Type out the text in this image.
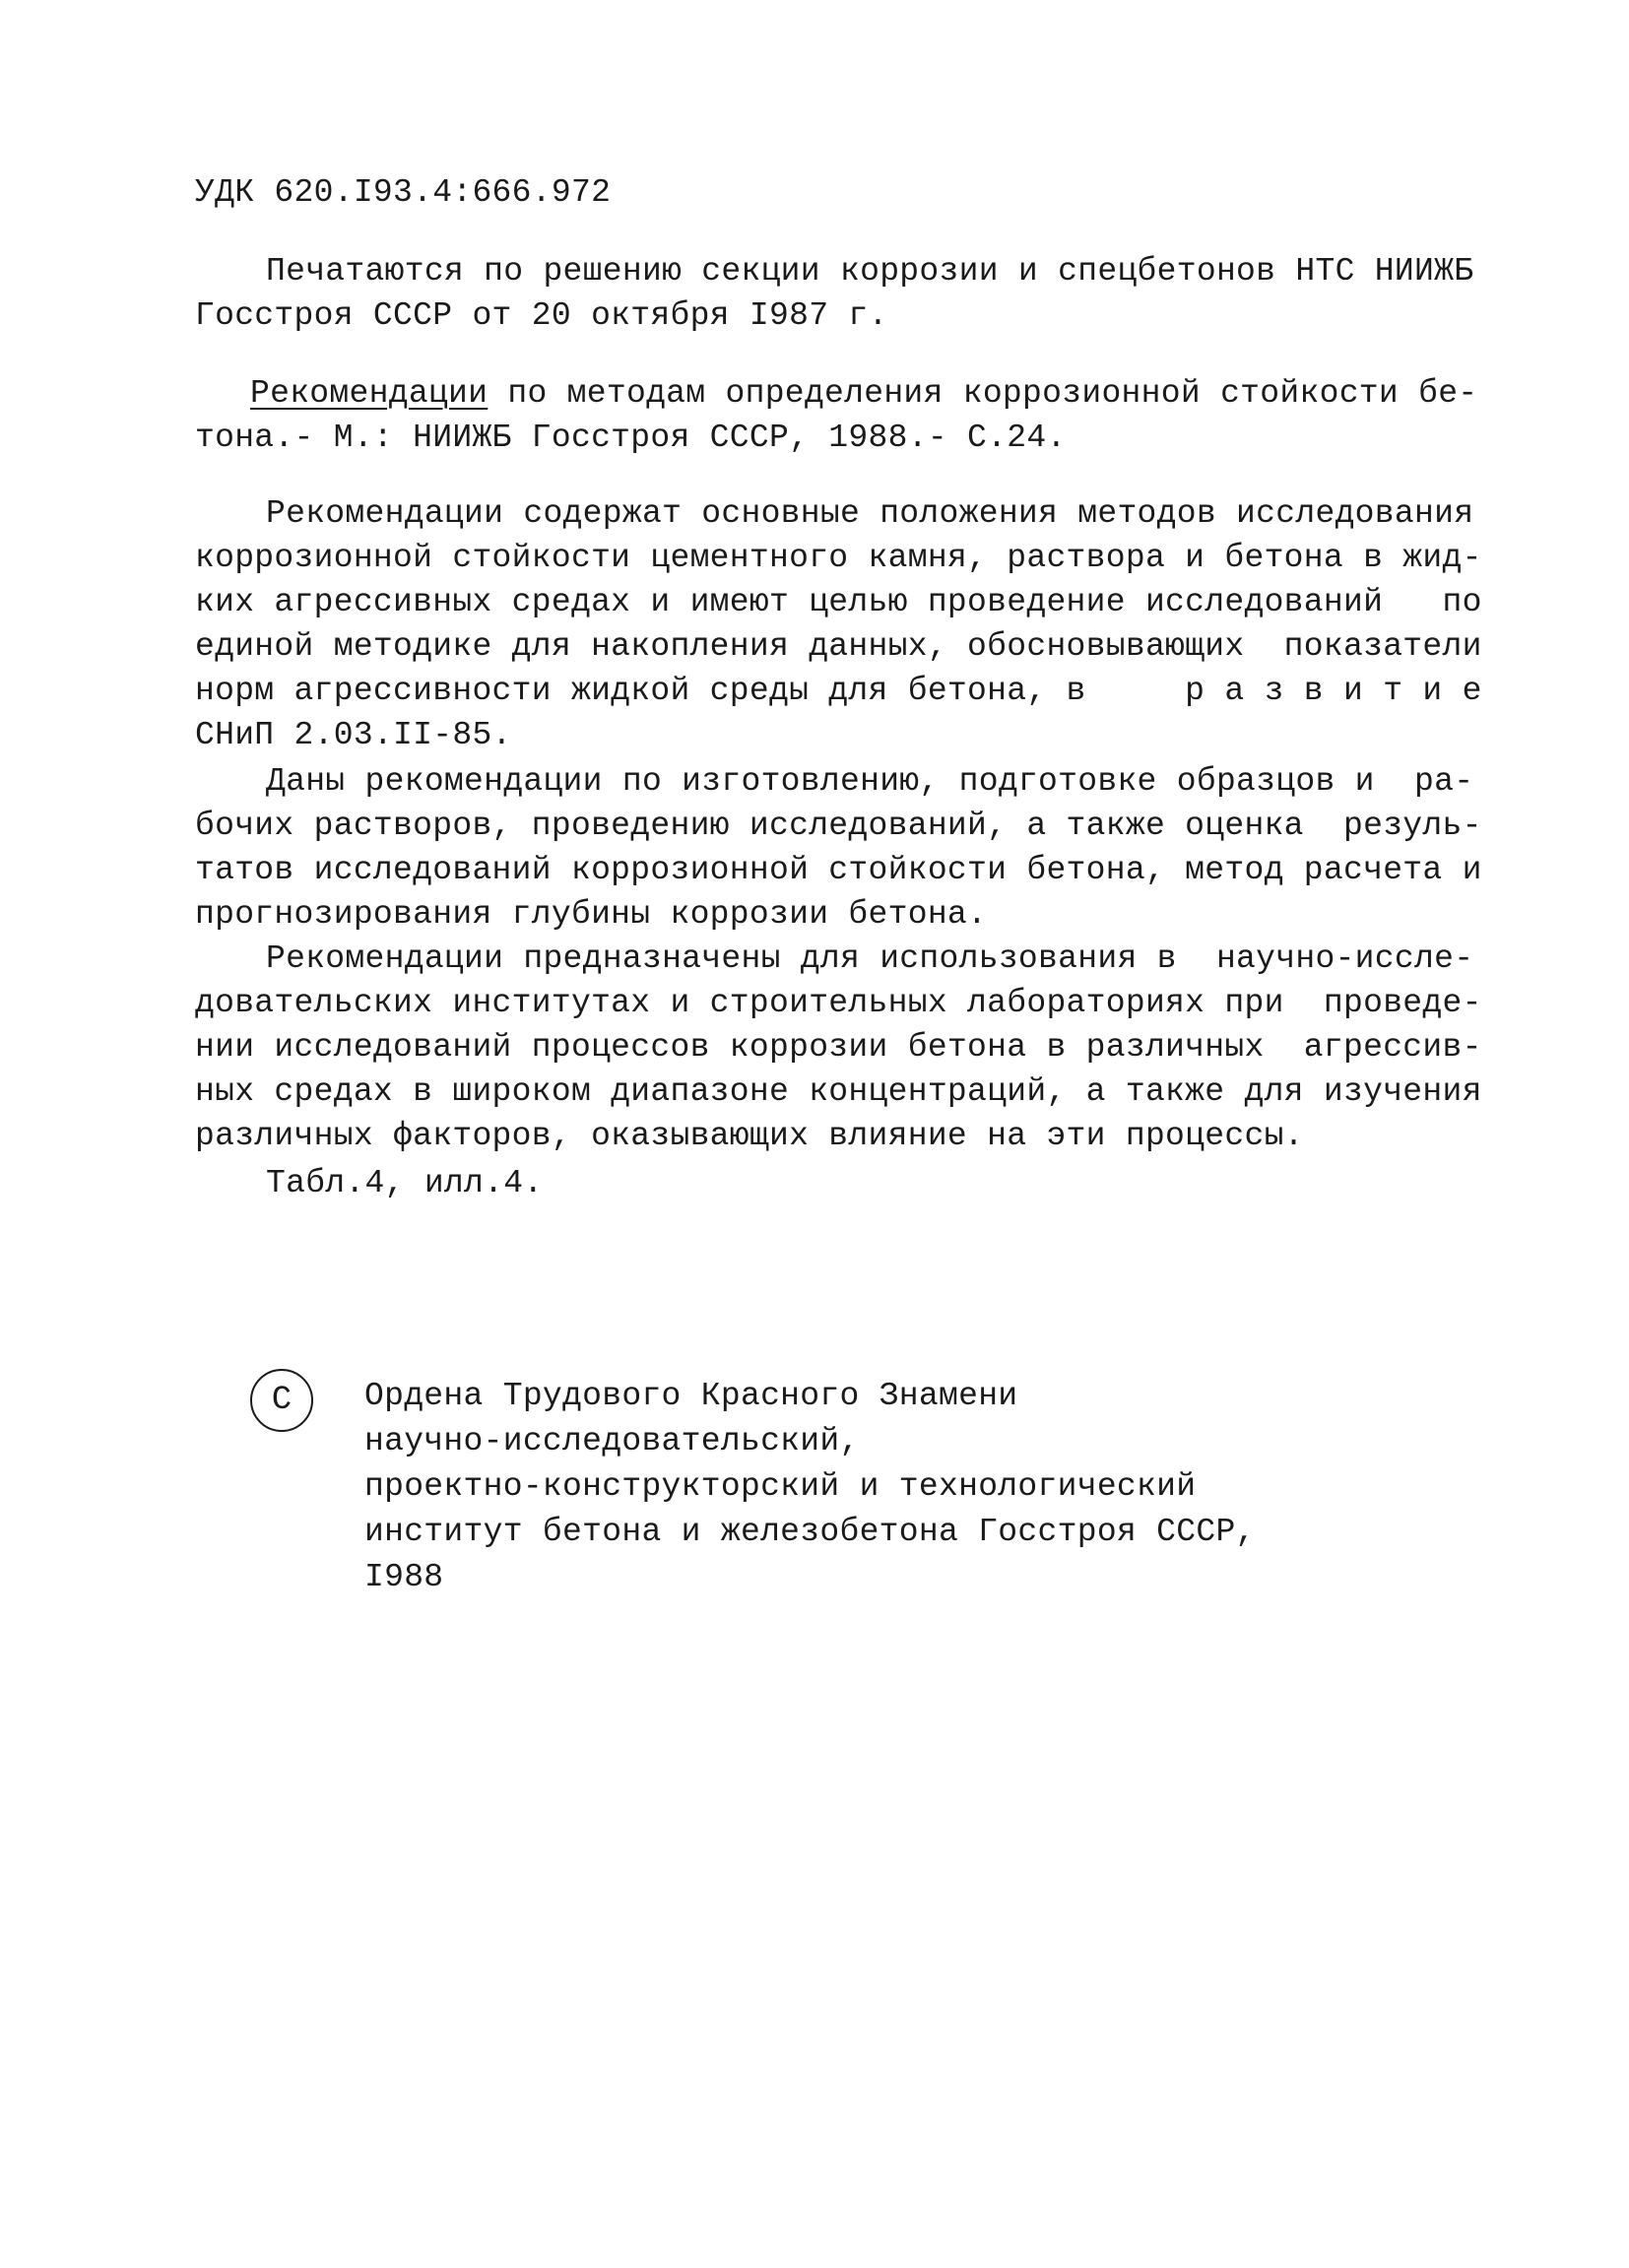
УДК 620.I93.4:666.972
Печатаются по решению секции коррозии и спецбетонов НТС НИИЖБ
Госстроя СССР от 20 октября I987 г.
Рекомендации по методам определения коррозионной стойкости бе-
тона.- М.: НИИЖБ Госстроя СССР, 1988.- С.24.
Рекомендации содержат основные положения методов исследования
коррозионной стойкости цементного камня, раствора и бетона в жид-
ких агрессивных средах и имеют целью проведение исследований   по
единой методике для накопления данных, обосновывающих  показатели
норм агрессивности жидкой среды для бетона, в     р а з в и т и е
СНиП 2.03.II-85.
Даны рекомендации по изготовлению, подготовке образцов и  ра-
бочих растворов, проведению исследований, а также оценка  резуль-
татов исследований коррозионной стойкости бетона, метод расчета и
прогнозирования глубины коррозии бетона.
Рекомендации предназначены для использования в  научно-иссле-
довательских институтах и строительных лабораториях при  проведе-
нии исследований процессов коррозии бетона в различных  агрессив-
ных средах в широком диапазоне концентраций, а также для изучения
различных факторов, оказывающих влияние на эти процессы.
Табл.4, илл.4.
С	Ордена Трудового Красного Знамени
научно-исследовательский,
проектно-конструкторский и технологический
институт бетона и железобетона Госстроя СССР,
I988
